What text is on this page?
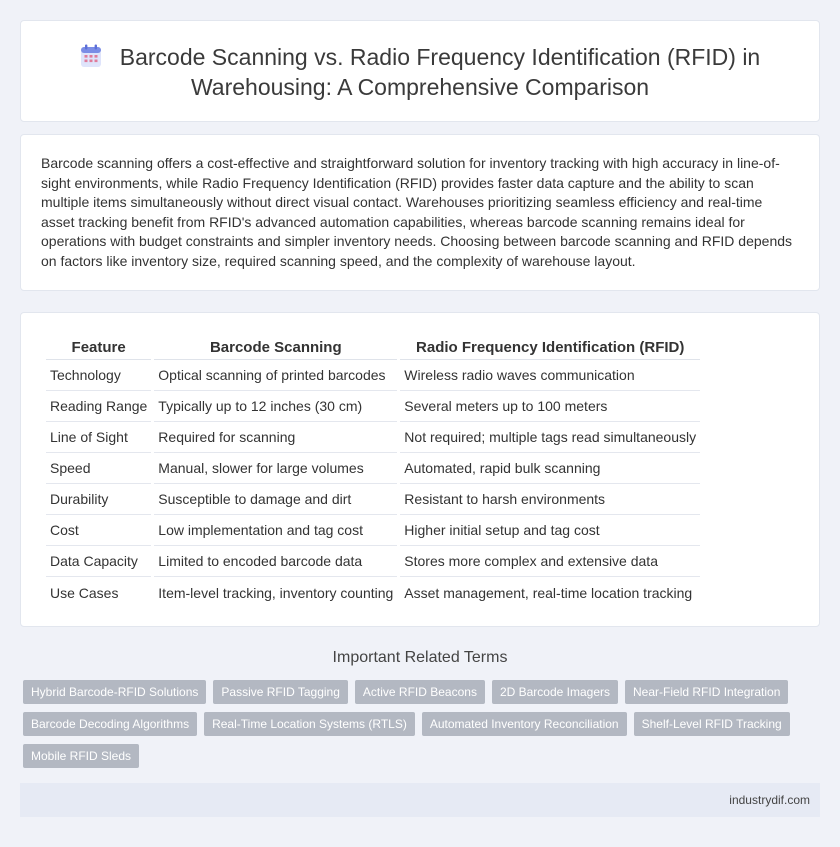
Barcode Scanning vs. Radio Frequency Identification (RFID) in
Warehousing: A Comprehensive Comparison

Barcode scanning offers a cost-effective and straightforward solution for inventory tracking with high accuracy in line-of-sight environments, while Radio Frequency Identification (RFID) provides faster data capture and the ability to scan multiple items simultaneously without direct visual contact. Warehouses prioritizing seamless efficiency and real-time asset tracking benefit from RFID's advanced automation capabilities, whereas barcode scanning remains ideal for operations with budget constraints and simpler inventory needs. Choosing between barcode scanning and RFID depends on factors like inventory size, required scanning speed, and the complexity of warehouse layout.

Feature	Barcode Scanning	Radio Frequency Identification (RFID)
Technology	Optical scanning of printed barcodes	Wireless radio waves communication
Reading Range	Typically up to 12 inches (30 cm)	Several meters up to 100 meters
Line of Sight	Required for scanning	Not required; multiple tags read simultaneously
Speed	Manual, slower for large volumes	Automated, rapid bulk scanning
Durability	Susceptible to damage and dirt	Resistant to harsh environments
Cost	Low implementation and tag cost	Higher initial setup and tag cost
Data Capacity	Limited to encoded barcode data	Stores more complex and extensive data
Use Cases	Item-level tracking, inventory counting	Asset management, real-time location tracking
Important Related Terms
Hybrid Barcode-RFID Solutions	Passive RFID Tagging	Active RFID Beacons	2D Barcode Imagers	Near-Field RFID Integration
Barcode Decoding Algorithms	Real-Time Location Systems (RTLS)	Automated Inventory Reconciliation	Shelf-Level RFID Tracking
Mobile RFID Sleds
industrydif.com
